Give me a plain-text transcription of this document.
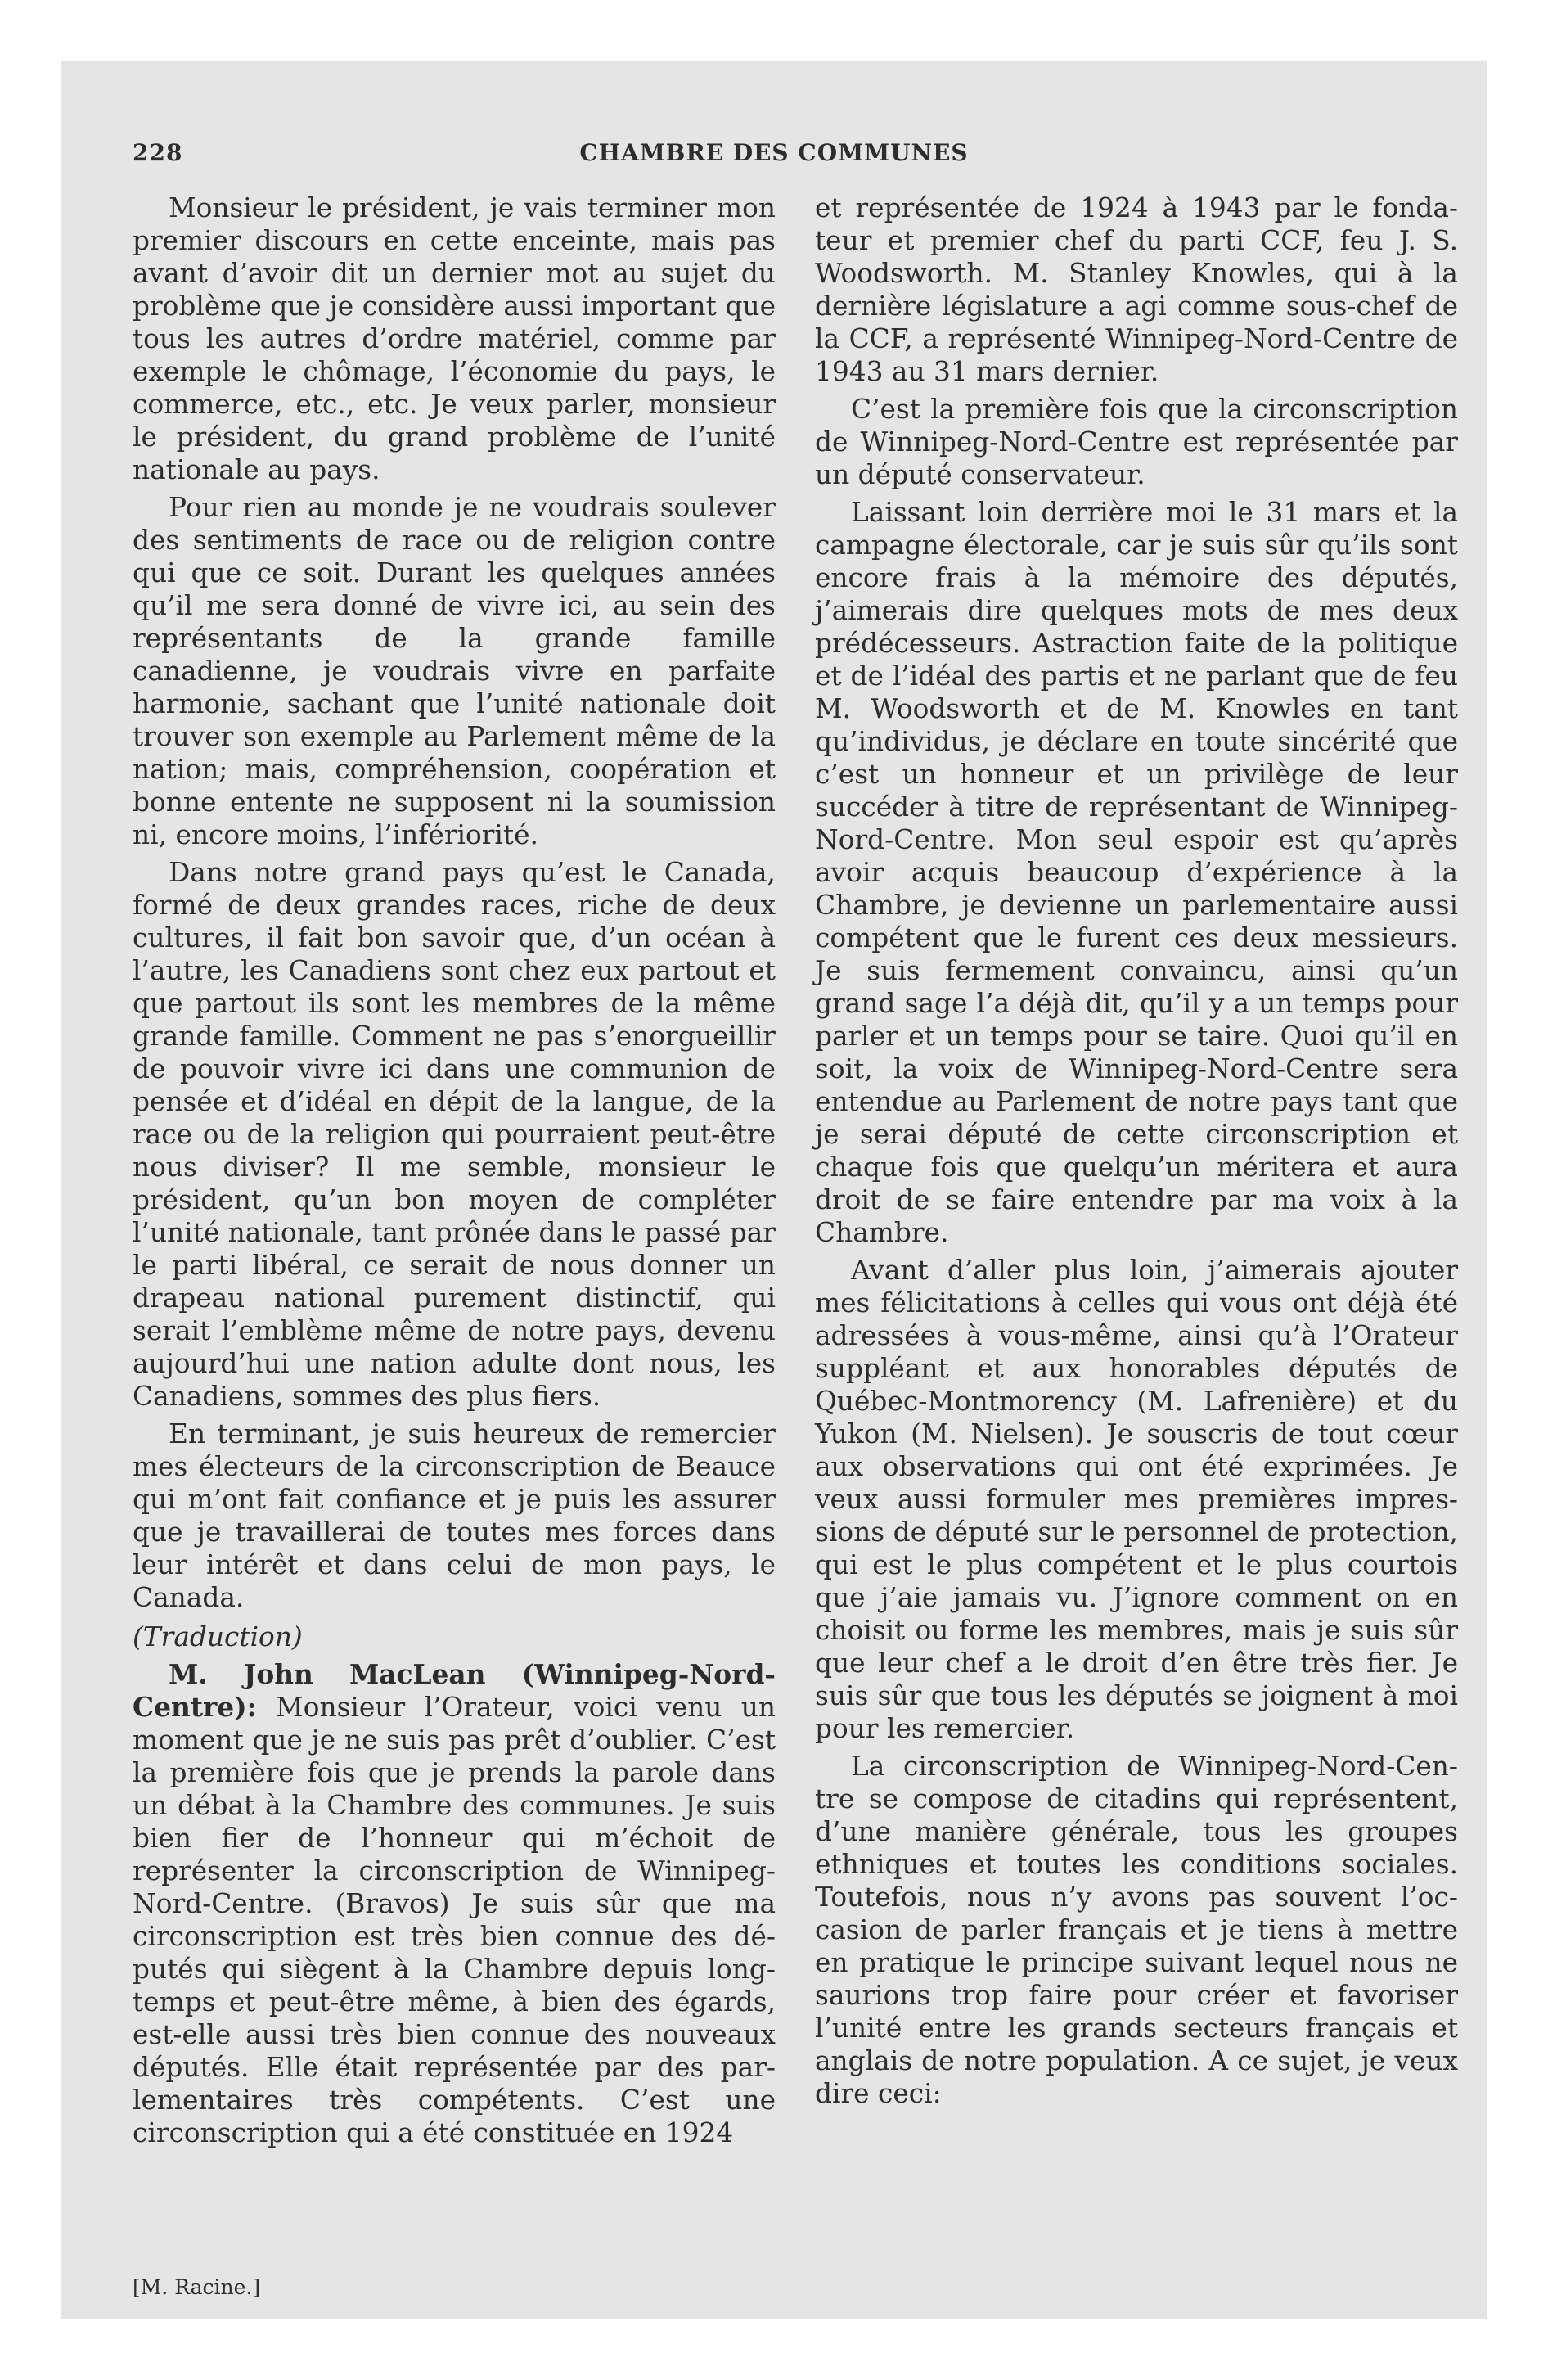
228	CHAMBRE DES COMMUNES

Monsieur le président, je vais terminer mon premier discours en cette enceinte, mais pas avant d’avoir dit un dernier mot au sujet du problème que je considère aussi important que tous les autres d’ordre matériel, comme par exemple le chômage, l’économie du pays, le commerce, etc., etc. Je veux parler, monsieur le président, du grand problème de l’unité nationale au pays.

Pour rien au monde je ne voudrais soulever des sentiments de race ou de religion contre qui que ce soit. Durant les quelques années qu’il me sera donné de vivre ici, au sein des représentants de la grande famille canadienne, je voudrais vivre en parfaite harmonie, sachant que l’unité nationale doit trouver son exemple au Parlement même de la nation; mais, compréhension, coopération et bonne entente ne supposent ni la soumission ni, encore moins, l’infériorité.

Dans notre grand pays qu’est le Canada, formé de deux grandes races, riche de deux cultures, il fait bon savoir que, d’un océan à l’autre, les Canadiens sont chez eux partout et que partout ils sont les membres de la même grande famille. Comment ne pas s’enorgueillir de pouvoir vivre ici dans une communion de pensée et d’idéal en dépit de la langue, de la race ou de la religion qui pourraient peut-être nous diviser? Il me semble, monsieur le président, qu’un bon moyen de compléter l’unité nationale, tant prônée dans le passé par le parti libéral, ce serait de nous donner un drapeau national purement distinctif, qui serait l’emblème même de notre pays, devenu aujourd’hui une nation adulte dont nous, les Canadiens, sommes des plus fiers.

En terminant, je suis heureux de remercier mes électeurs de la circonscription de Beauce qui m’ont fait confiance et je puis les assurer que je travaillerai de toutes mes forces dans leur intérêt et dans celui de mon pays, le Canada.

(Traduction)

M. John MacLean (Winnipeg-Nord-Centre): Monsieur l’Orateur, voici venu un moment que je ne suis pas prêt d’oublier. C’est la première fois que je prends la parole dans un débat à la Chambre des communes. Je suis bien fier de l’honneur qui m’échoit de représenter la circonscription de Winnipeg-Nord-Centre. (Bravos) Je suis sûr que ma circonscription est très bien connue des députés qui siègent à la Chambre depuis longtemps et peut-être même, à bien des égards, est-elle aussi très bien connue des nouveaux députés. Elle était représentée par des parlementaires très compétents. C’est une circonscription qui a été constituée en 1924

et représentée de 1924 à 1943 par le fondateur et premier chef du parti CCF, feu J. S. Woodsworth. M. Stanley Knowles, qui à la dernière législature a agi comme sous-chef de la CCF, a représenté Winnipeg-Nord-Centre de 1943 au 31 mars dernier.

C’est la première fois que la circonscription de Winnipeg-Nord-Centre est représentée par un député conservateur.

Laissant loin derrière moi le 31 mars et la campagne électorale, car je suis sûr qu’ils sont encore frais à la mémoire des députés, j’aimerais dire quelques mots de mes deux prédécesseurs. Astraction faite de la politique et de l’idéal des partis et ne parlant que de feu M. Woodsworth et de M. Knowles en tant qu’individus, je déclare en toute sincérité que c’est un honneur et un privilège de leur succéder à titre de représentant de Winnipeg-Nord-Centre. Mon seul espoir est qu’après avoir acquis beaucoup d’expérience à la Chambre, je devienne un parlementaire aussi compétent que le furent ces deux messieurs. Je suis fermement convaincu, ainsi qu’un grand sage l’a déjà dit, qu’il y a un temps pour parler et un temps pour se taire. Quoi qu’il en soit, la voix de Winnipeg-Nord-Centre sera entendue au Parlement de notre pays tant que je serai député de cette circonscription et chaque fois que quelqu’un méritera et aura droit de se faire entendre par ma voix à la Chambre.

Avant d’aller plus loin, j’aimerais ajouter mes félicitations à celles qui vous ont déjà été adressées à vous-même, ainsi qu’à l’Orateur suppléant et aux honorables députés de Québec-Montmorency (M. Lafrenière) et du Yukon (M. Nielsen). Je souscris de tout cœur aux observations qui ont été exprimées. Je veux aussi formuler mes premières impressions de député sur le personnel de protection, qui est le plus compétent et le plus courtois que j’aie jamais vu. J’ignore comment on en choisit ou forme les membres, mais je suis sûr que leur chef a le droit d’en être très fier. Je suis sûr que tous les députés se joignent à moi pour les remercier.

La circonscription de Winnipeg-Nord-Centre se compose de citadins qui représentent, d’une manière générale, tous les groupes ethniques et toutes les conditions sociales. Toutefois, nous n’y avons pas souvent l’occasion de parler français et je tiens à mettre en pratique le principe suivant lequel nous ne saurions trop faire pour créer et favoriser l’unité entre les grands secteurs français et anglais de notre population. A ce sujet, je veux dire ceci:

[M. Racine.]
